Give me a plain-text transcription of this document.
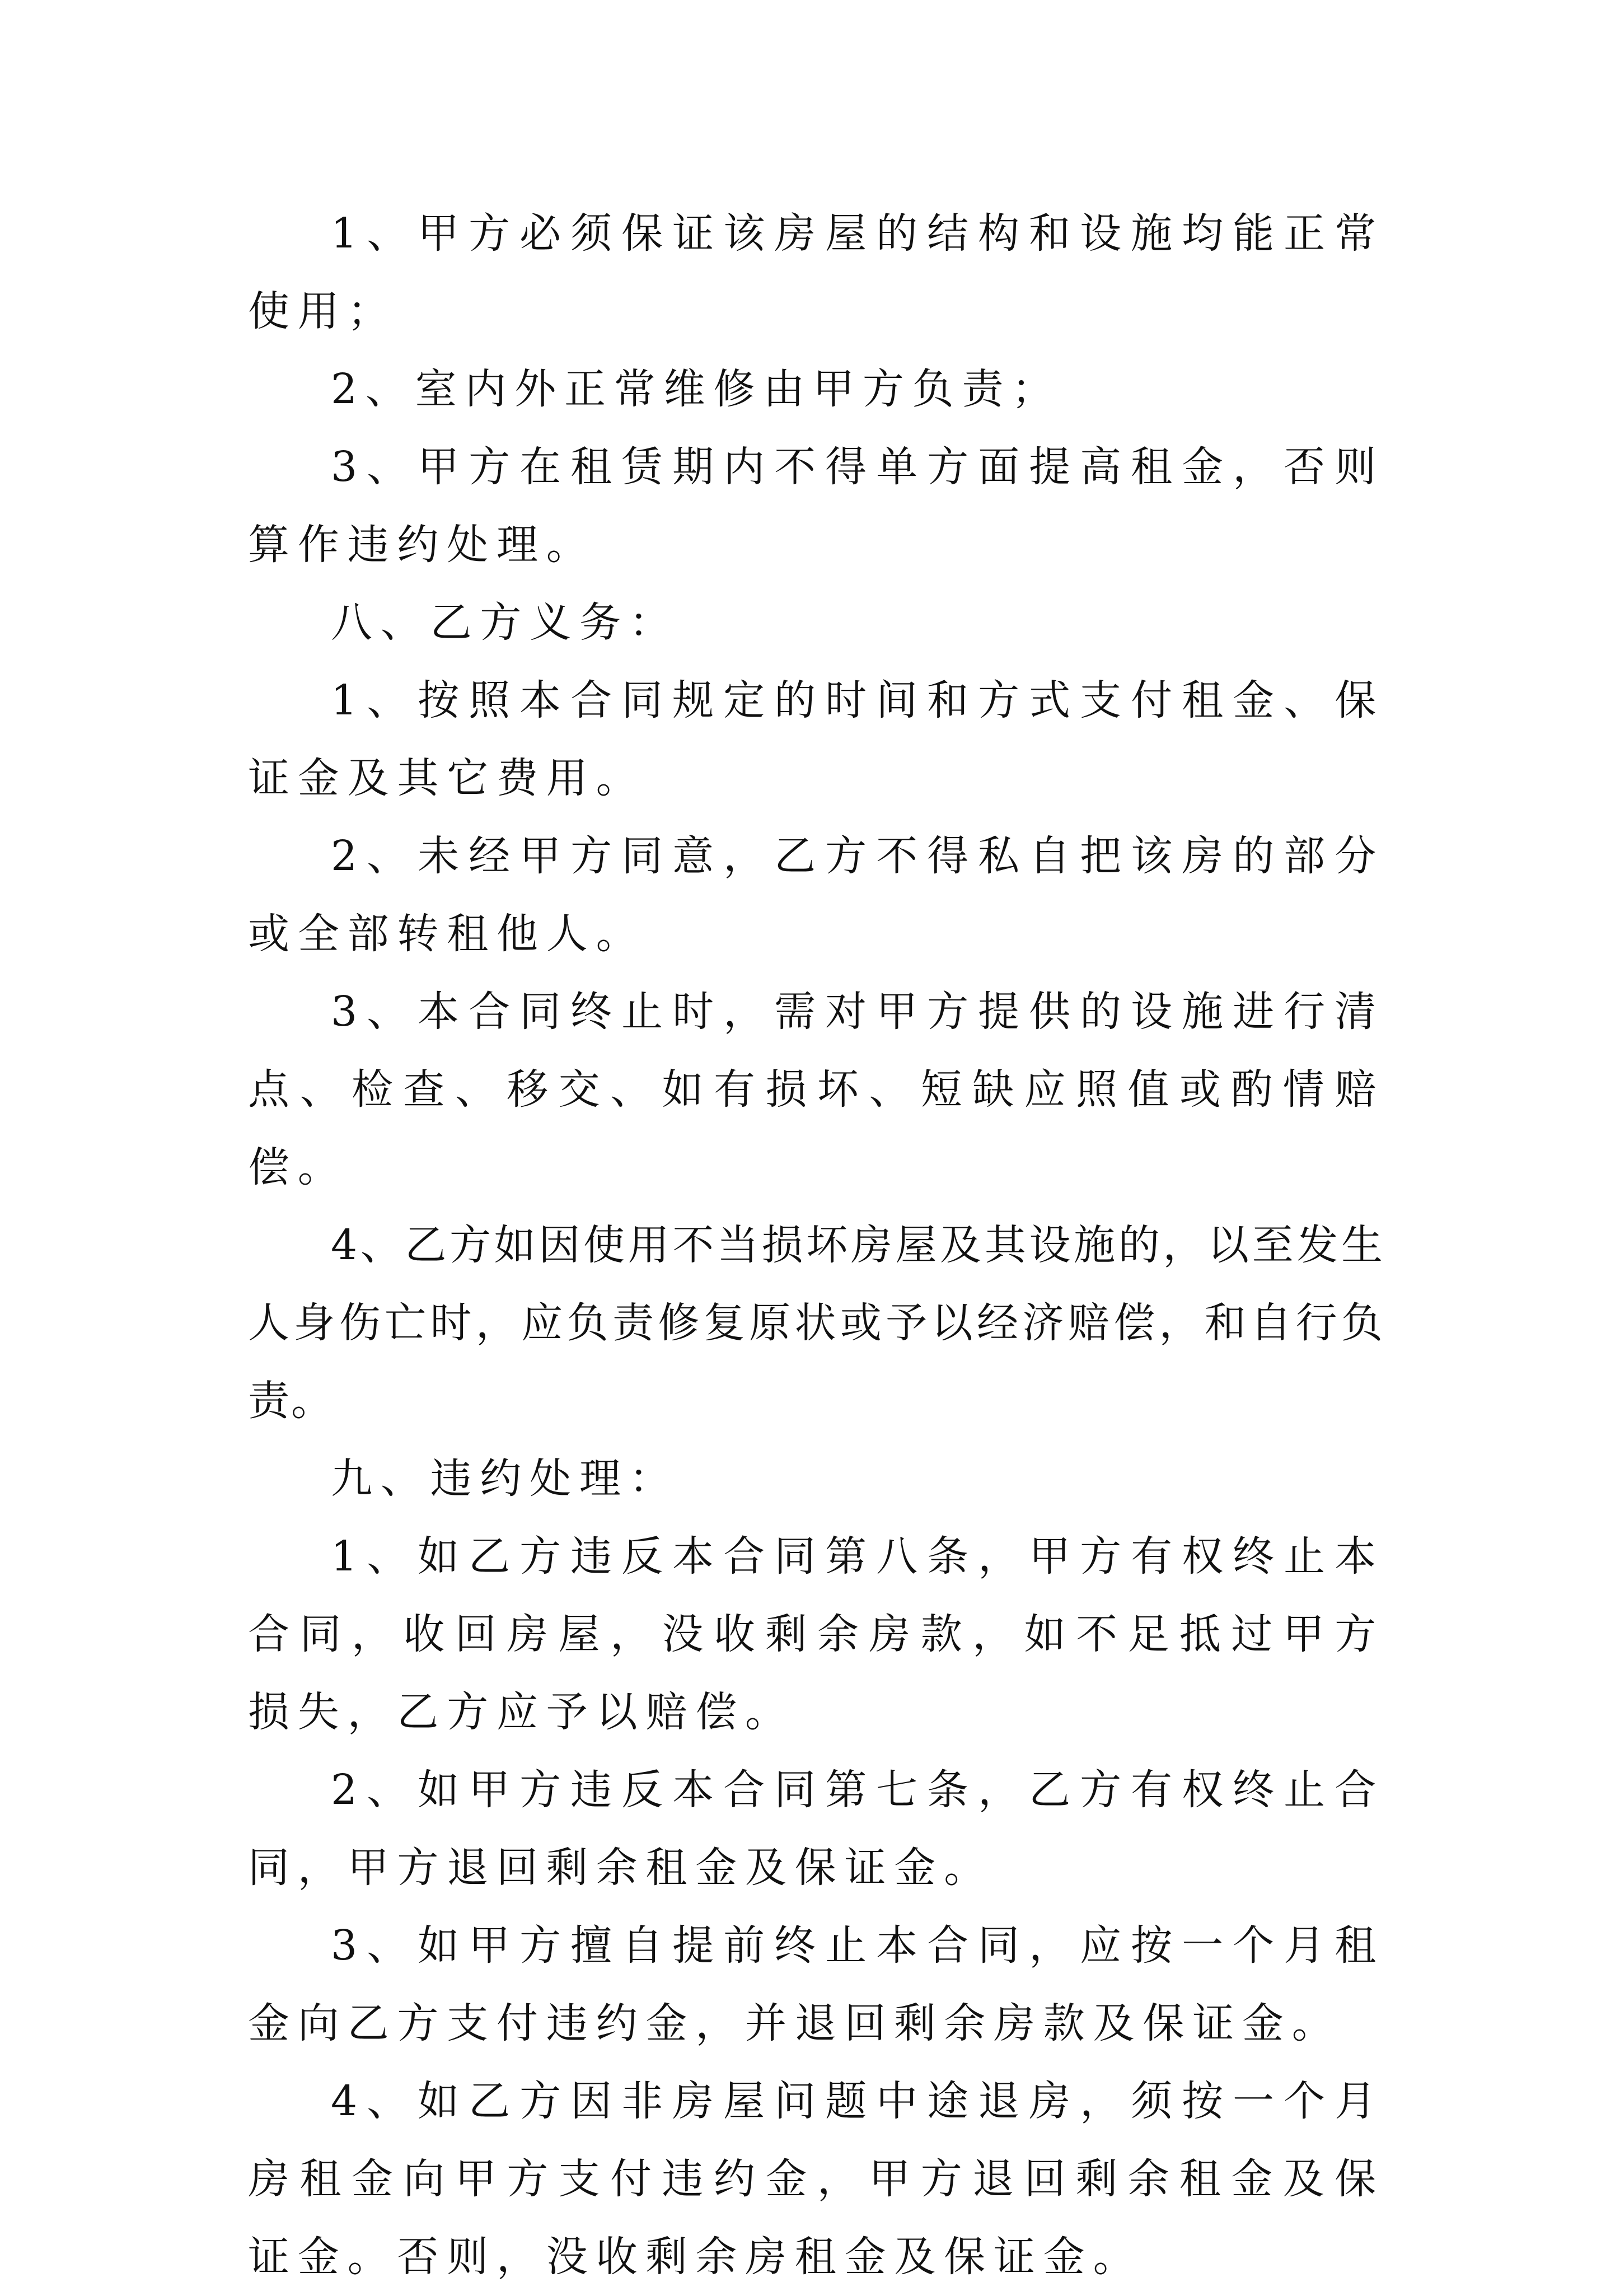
1、甲方必须保证该房屋的结构和设施均能正常使用；

2、室内外正常维修由甲方负责；

3、甲方在租赁期内不得单方面提高租金，否则算作违约处理。

八、乙方义务：

1、按照本合同规定的时间和方式支付租金、保证金及其它费用。

2、未经甲方同意，乙方不得私自把该房的部分或全部转租他人。

3、本合同终止时，需对甲方提供的设施进行清点、检查、移交、如有损坏、短缺应照值或酌情赔偿。

4、乙方如因使用不当损坏房屋及其设施的，以至发生人身伤亡时，应负责修复原状或予以经济赔偿，和自行负责。

九、违约处理：

1、如乙方违反本合同第八条，甲方有权终止本合同，收回房屋，没收剩余房款，如不足抵过甲方损失，乙方应予以赔偿。

2、如甲方违反本合同第七条，乙方有权终止合同，甲方退回剩余租金及保证金。

3、如甲方擅自提前终止本合同，应按一个月租金向乙方支付违约金，并退回剩余房款及保证金。

4、如乙方因非房屋问题中途退房，须按一个月房租金向甲方支付违约金，甲方退回剩余租金及保证金。否则，没收剩余房租金及保证金。
